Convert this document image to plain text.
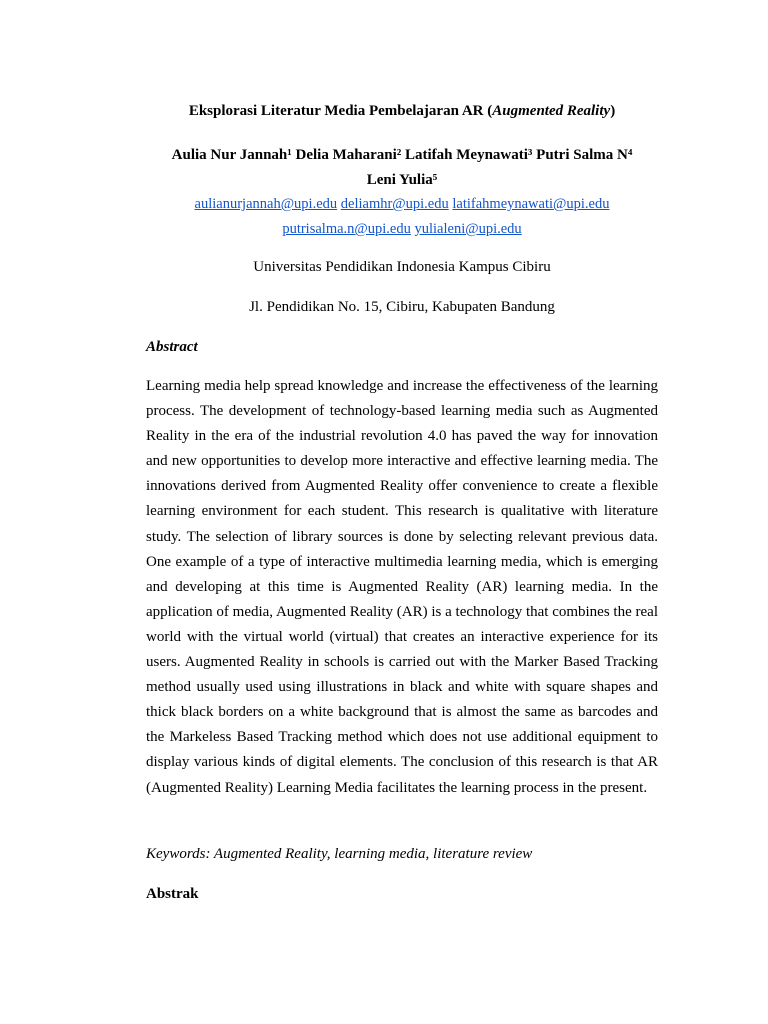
Eksplorasi Literatur Media Pembelajaran AR (Augmented Reality)
Aulia Nur Jannah¹ Delia Maharani² Latifah Meynawati³ Putri Salma N⁴
Leni Yulia⁵
aulianurjannah@upi.edu deliamhr@upi.edu latifahmeynawati@upi.edu
putrisalma.n@upi.edu yulialeni@upi.edu
Universitas Pendidikan Indonesia Kampus Cibiru
Jl. Pendidikan No. 15, Cibiru, Kabupaten Bandung
Abstract
Learning media help spread knowledge and increase the effectiveness of the learning process. The development of technology-based learning media such as Augmented Reality in the era of the industrial revolution 4.0 has paved the way for innovation and new opportunities to develop more interactive and effective learning media. The innovations derived from Augmented Reality offer convenience to create a flexible learning environment for each student. This research is qualitative with literature study. The selection of library sources is done by selecting relevant previous data. One example of a type of interactive multimedia learning media, which is emerging and developing at this time is Augmented Reality (AR) learning media. In the application of media, Augmented Reality (AR) is a technology that combines the real world with the virtual world (virtual) that creates an interactive experience for its users. Augmented Reality in schools is carried out with the Marker Based Tracking method usually used using illustrations in black and white with square shapes and thick black borders on a white background that is almost the same as barcodes and the Markeless Based Tracking method which does not use additional equipment to display various kinds of digital elements. The conclusion of this research is that AR (Augmented Reality) Learning Media facilitates the learning process in the present.
Keywords: Augmented Reality, learning media, literature review
Abstrak
